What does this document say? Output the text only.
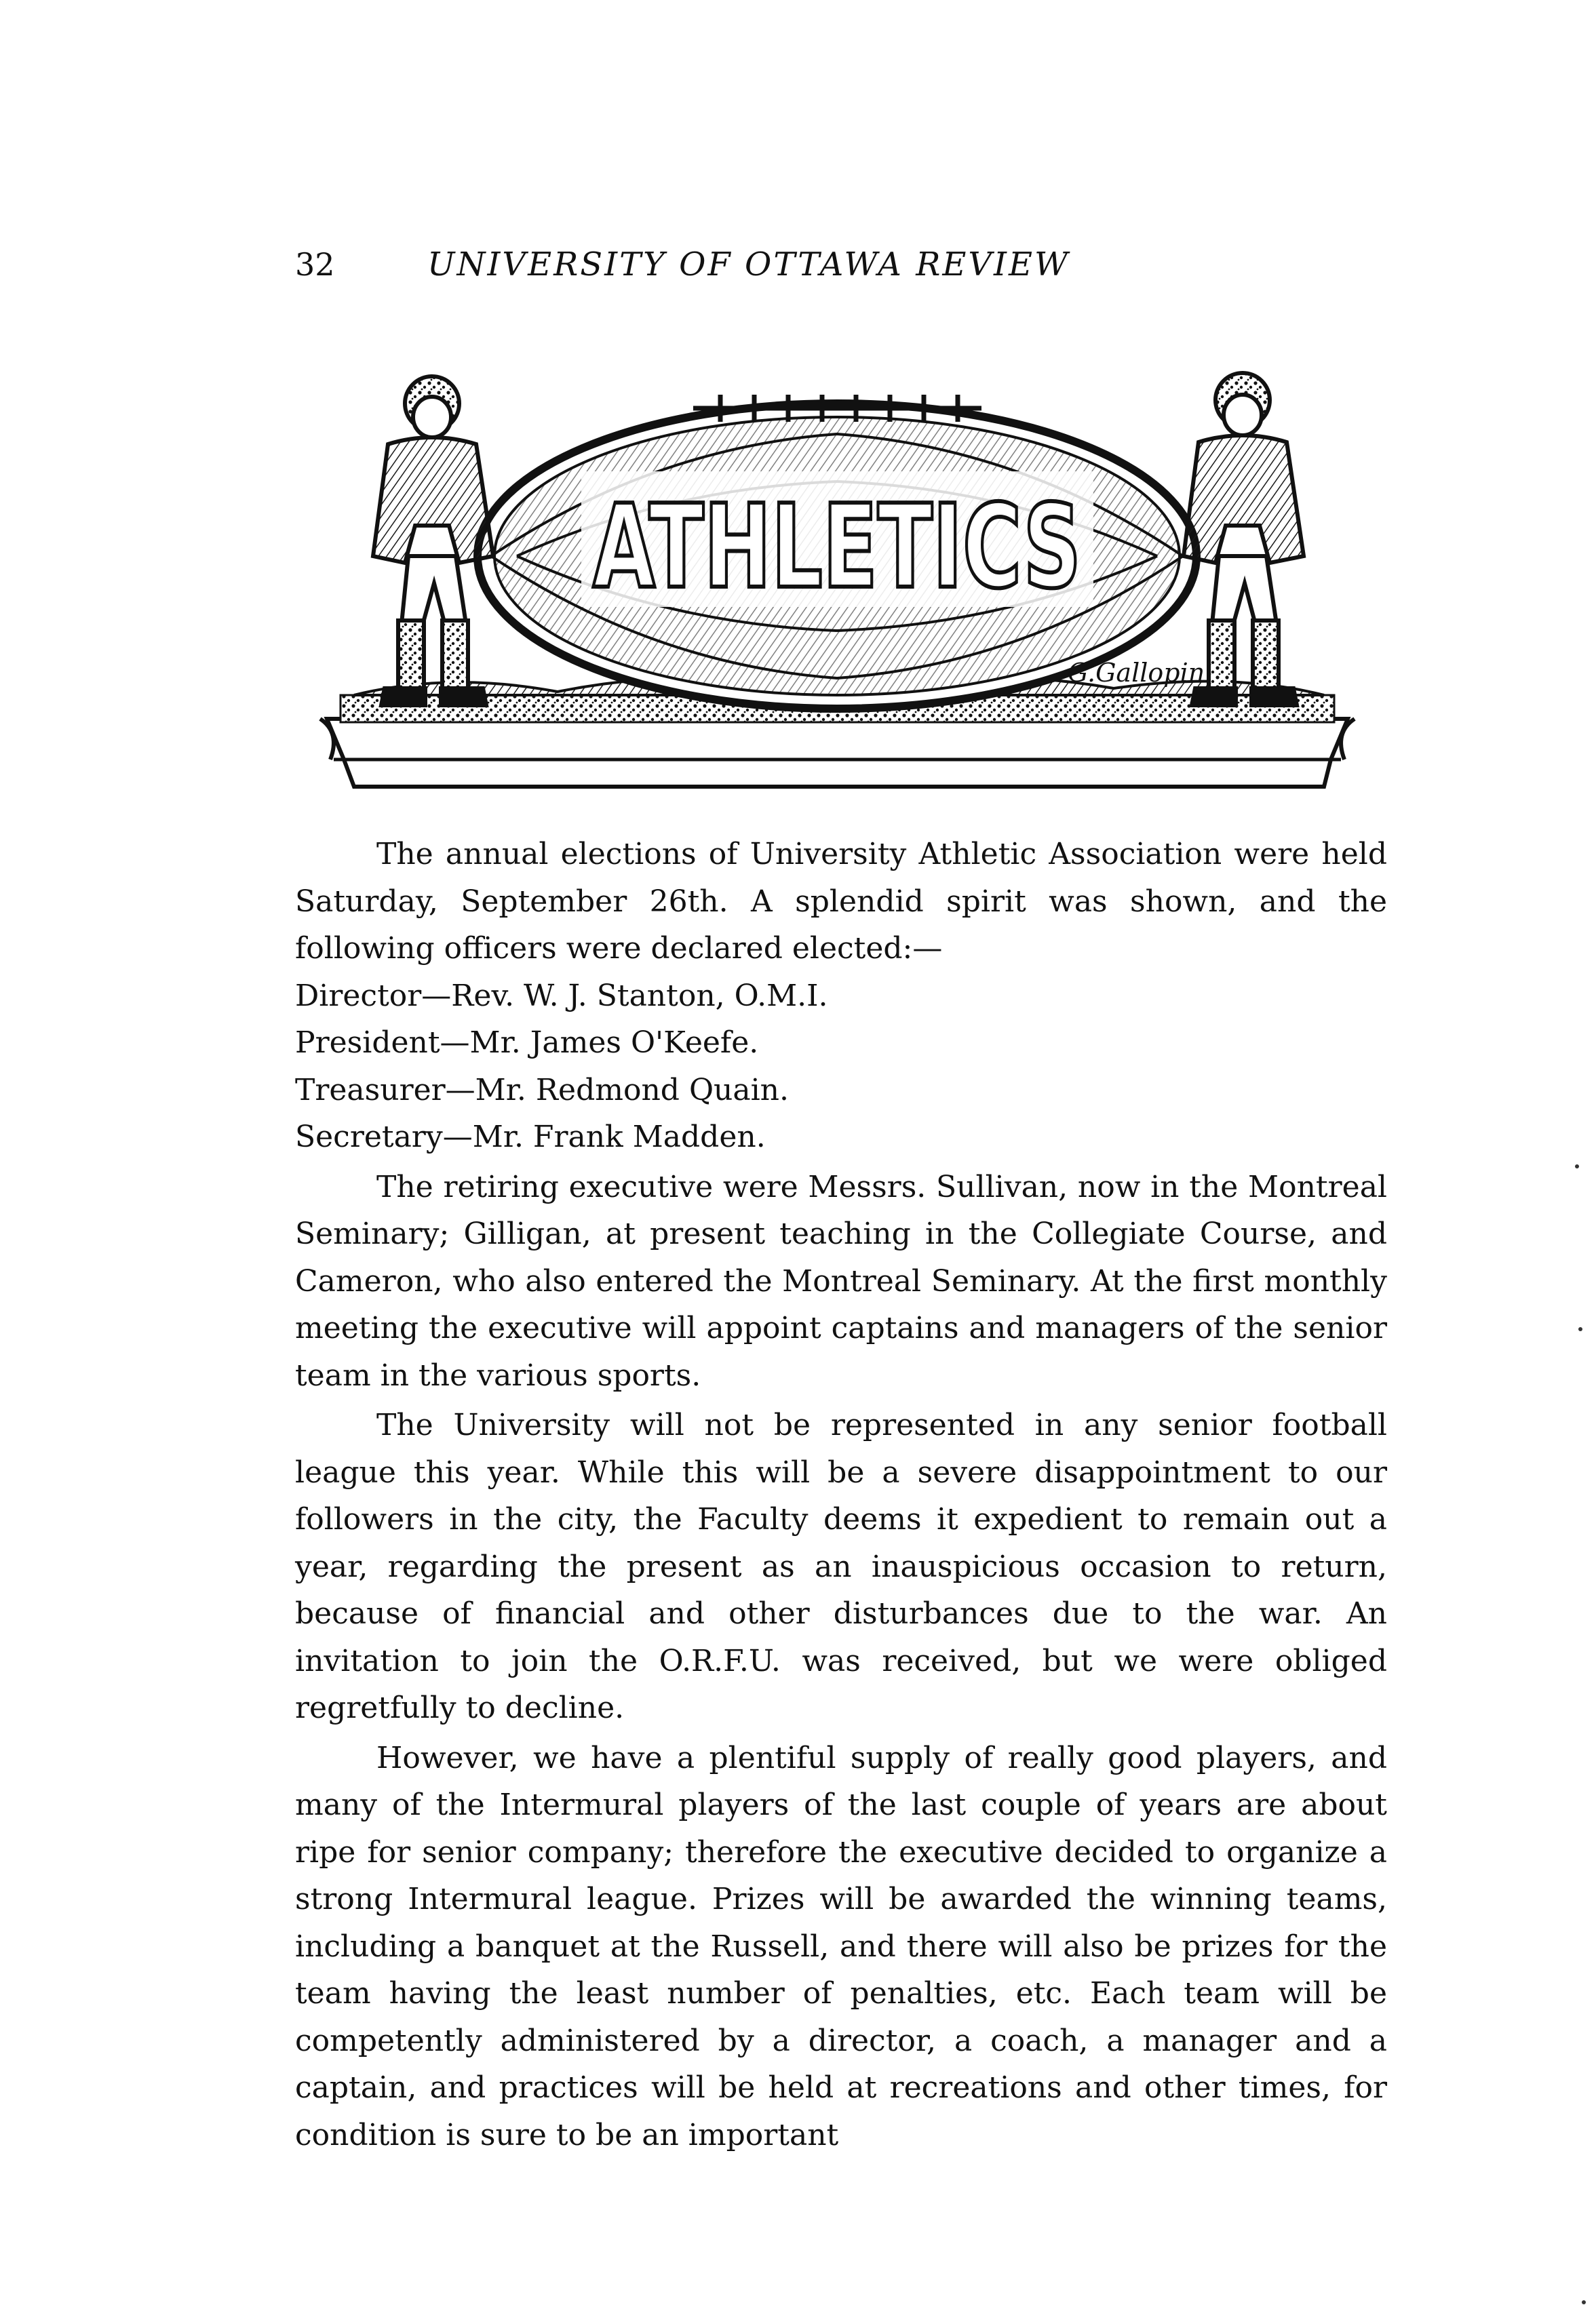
32	UNIVERSITY OF OTTAWA REVIEW
ATHLETICS
G.Gallopin

The annual elections of University Athletic Association were held Saturday, September 26th. A splendid spirit was shown, and the following officers were declared elected:—

Director—Rev. W. J. Stanton, O.M.I.

President—Mr. James O'Keefe.

Treasurer—Mr. Redmond Quain.

Secretary—Mr. Frank Madden.

The retiring executive were Messrs. Sullivan, now in the Montreal Seminary; Gilligan, at present teaching in the Collegiate Course, and Cameron, who also entered the Montreal Seminary. At the first monthly meeting the executive will appoint captains and managers of the senior team in the various sports.

The University will not be represented in any senior football league this year. While this will be a severe disappointment to our followers in the city, the Faculty deems it expedient to remain out a year, regarding the present as an inauspicious occasion to return, because of financial and other disturbances due to the war. An invitation to join the O.R.F.U. was received, but we were obliged regretfully to decline.

However, we have a plentiful supply of really good players, and many of the Intermural players of the last couple of years are about ripe for senior company; therefore the executive decided to organize a strong Intermural league. Prizes will be awarded the winning teams, including a banquet at the Russell, and there will also be prizes for the team having the least number of penalties, etc. Each team will be competently administered by a director, a coach, a manager and a captain, and practices will be held at recreations and other times, for condition is sure to be an important
